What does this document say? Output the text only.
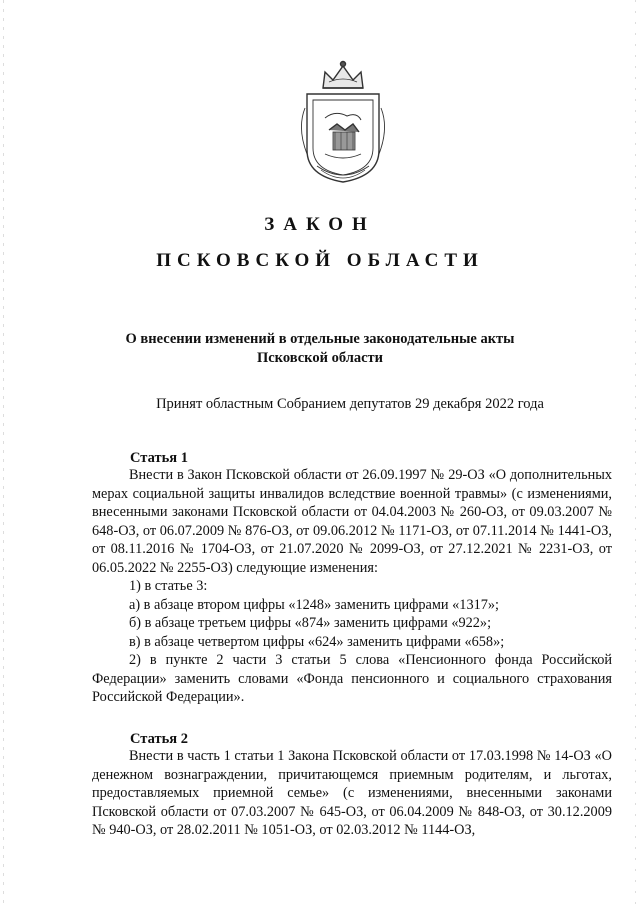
ЗАКОН
ПСКОВСКОЙ ОБЛАСТИ
О внесении изменений в отдельные законодательные акты
Псковской области
Принят областным Собранием депутатов 29 декабря 2022 года
Статья 1

Внести в Закон Псковской области от 26.09.1997 № 29-ОЗ «О дополнительных мерах социальной защиты инвалидов вследствие военной травмы» (с изменениями, внесенными законами Псковской области от 04.04.2003 № 260-ОЗ, от 09.03.2007 № 648-ОЗ, от 06.07.2009 № 876-ОЗ, от 09.06.2012 № 1171-ОЗ, от 07.11.2014 № 1441-ОЗ, от 08.11.2016 № 1704-ОЗ, от 21.07.2020 № 2099-ОЗ, от 27.12.2021 № 2231-ОЗ, от 06.05.2022 № 2255-ОЗ) следующие изменения:

1) в статье 3:

а) в абзаце втором цифры «1248» заменить цифрами «1317»;

б) в абзаце третьем цифры «874» заменить цифрами «922»;

в) в абзаце четвертом цифры «624» заменить цифрами «658»;

2) в пункте 2 части 3 статьи 5 слова «Пенсионного фонда Российской Федерации» заменить словами «Фонда пенсионного и социального страхования Российской Федерации».

Статья 2

Внести в часть 1 статьи 1 Закона Псковской области от 17.03.1998 № 14-ОЗ «О денежном вознаграждении, причитающемся приемным родителям, и льготах, предоставляемых приемной семье» (с изменениями, внесенными законами Псковской области от 07.03.2007 № 645-ОЗ, от 06.04.2009 № 848-ОЗ, от 30.12.2009 № 940-ОЗ, от 28.02.2011 № 1051-ОЗ, от 02.03.2012 № 1144-ОЗ,
